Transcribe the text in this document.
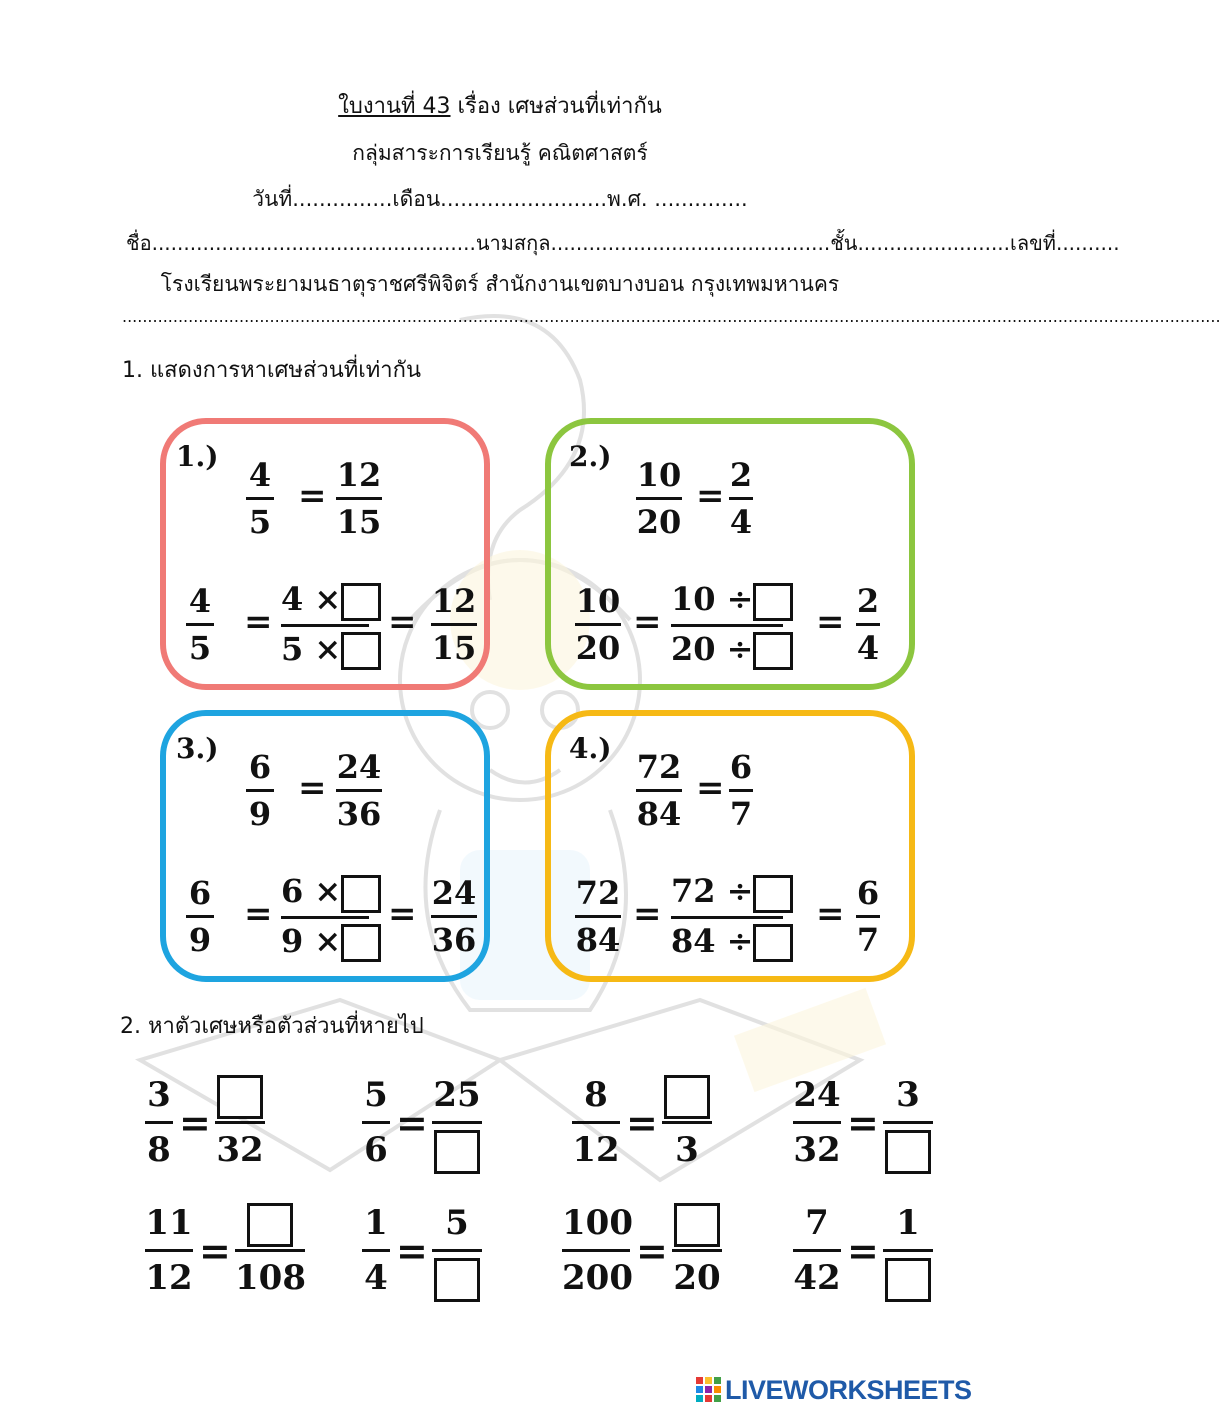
ใบงานที่ 43 เรื่อง เศษส่วนที่เท่ากัน
กลุ่มสาระการเรียนรู้ คณิตศาสตร์
วันที่...............เดือน.........................พ.ศ. ..............
ชื่อ...................................................นามสกุล............................................ชั้น........................เลขที่..........
โรงเรียนพระยามนธาตุราชศรีพิจิตร์ สำนักงานเขตบางบอน กรุงเทพมหานคร
........................................................................................................................................................................................................................
1. แสดงการหาเศษส่วนที่เท่ากัน
1.) 4
5
=
12
15
4
5
=
4 ×
5 ×
=
12
15
2.) 10
20
=
2
4
10
20
=
10 ÷
20 ÷
=
2
4
3.) 6
9
=
24
36
6
9
=
6 ×
9 ×
=
24
36
4.) 72
84
=
6
7
72
84
=
72 ÷
84 ÷
=
6
7
2. หาตัวเศษหรือตัวส่วนที่หายไป
3
8
=
32
5
6
=
25	8
12
=
3
24
32
=
3
11
12
=
108
1
4
=
5	100
200
=
20
7
42
=
1
LIVEWORKSHEETS
